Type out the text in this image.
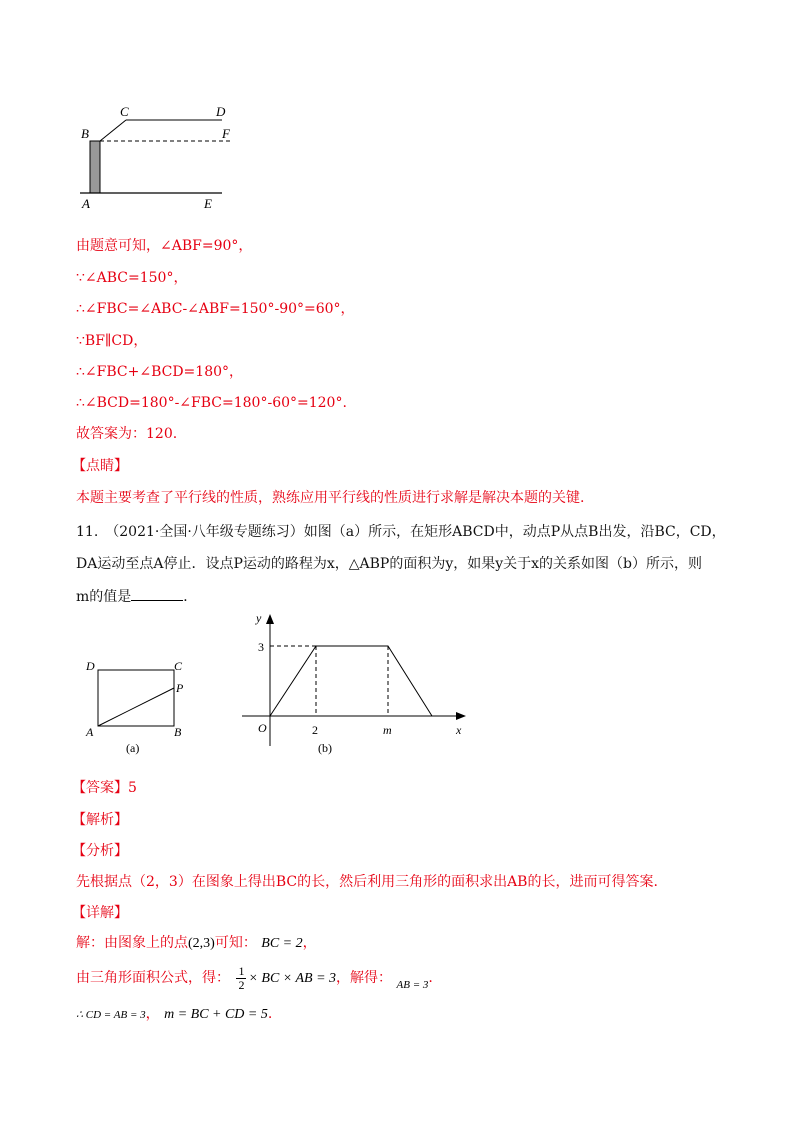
B
C	D
F
A	E
由题意可知，∠ABF=90°，
∵∠ABC=150°，
∴∠FBC=∠ABC-∠ABF=150°-90°=60°，
∵BF∥CD，
∴∠FBC+∠BCD=180°，
∴∠BCD=180°-∠FBC=180°-60°=120°.
故答案为：120.
【点睛】
本题主要考查了平行线的性质，熟练应用平行线的性质进行求解是解决本题的关键.
11.　（2021·全国·八年级专题练习）如图（a）所示，在矩形ABCD中，动点P从点B出发，沿BC，CD，
DA运动至点A停止．设点P运动的路程为x，△ABP的面积为y，如果y关于x的关系如图（b）所示，则
m的值是	．
D	C
P
A	B
(a)
y
x
O
3
2	m
(b)
【答案】5
【解析】
【分析】
先根据点（2，3）在图象上得出BC的长，然后利用三角形的面积求出AB的长，进而可得答案.
【详解】
解：由图象上的点(2,3)可知： BC = 2，
由三角形面积公式，得： $\frac{1}{2}$ × BC × AB = 3，解得： $_{AB = 3}$.
∴ CD = AB = 3， m = BC + CD = 5.
